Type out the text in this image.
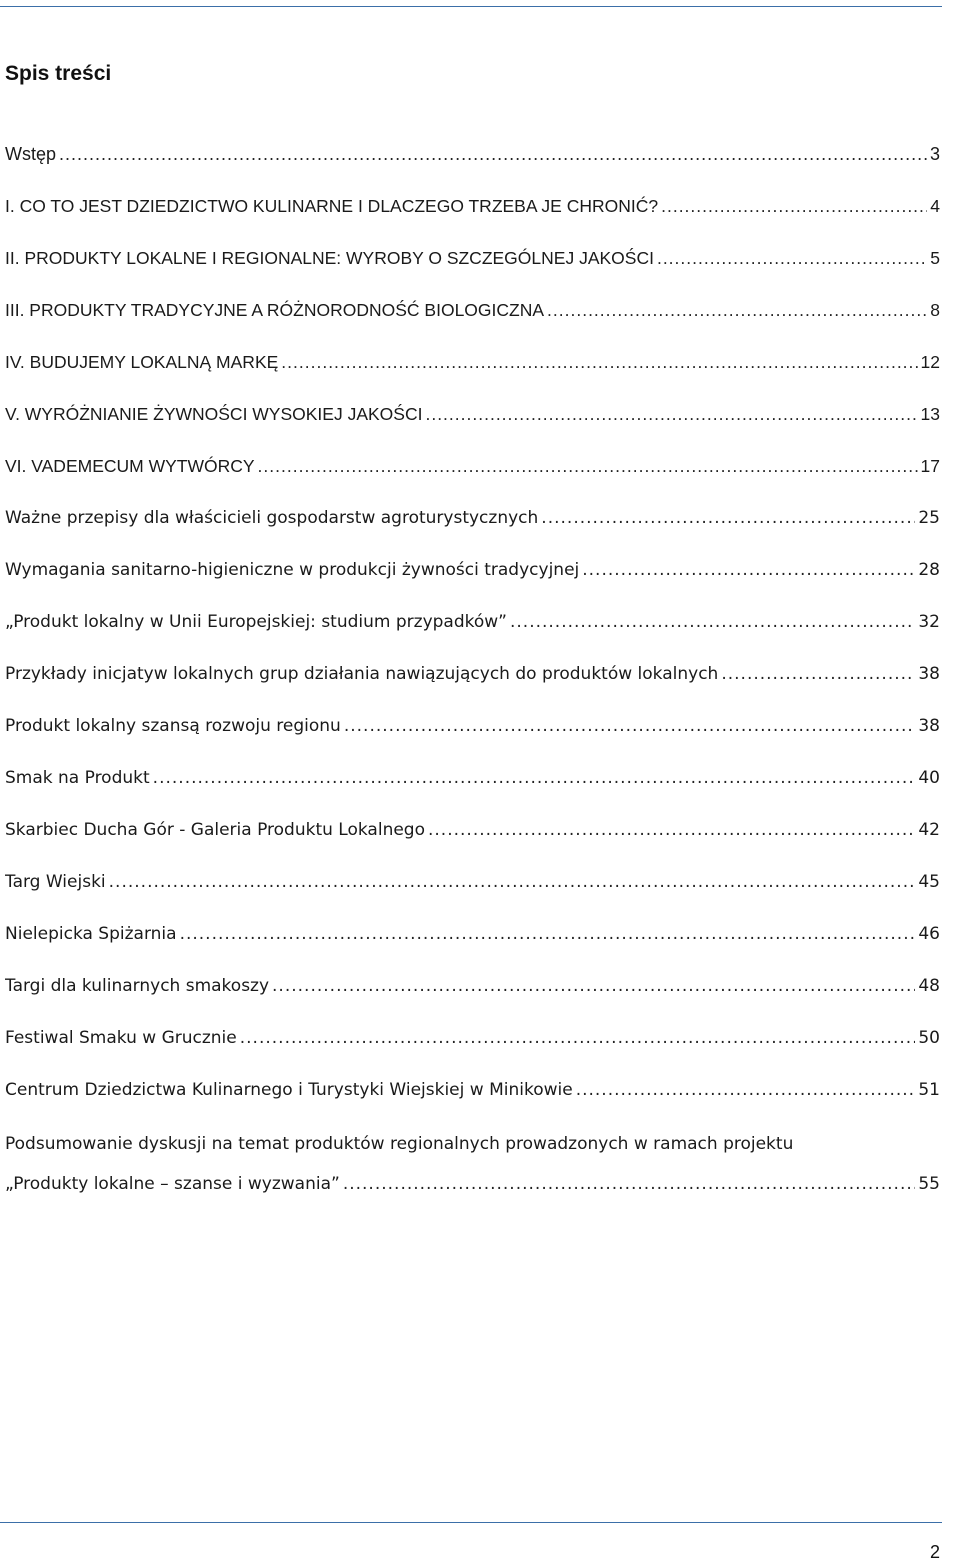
Spis treści
Wstęp .....	3
I. CO TO JEST DZIEDZICTWO KULINARNE I DLACZEGO TRZEBA JE CHRONIĆ? .....	4
II. PRODUKTY LOKALNE I REGIONALNE: WYROBY O SZCZEGÓLNEJ JAKOŚCI .....	5
III. PRODUKTY TRADYCYJNE A RÓŻNORODNOŚĆ BIOLOGICZNA .....	8
IV. BUDUJEMY LOKALNĄ MARKĘ .....	12
V. WYRÓŻNIANIE ŻYWNOŚCI WYSOKIEJ JAKOŚCI .....	13
VI. VADEMECUM WYTWÓRCY .....	17
Ważne przepisy dla właścicieli gospodarstw agroturystycznych .....	25
Wymagania sanitarno-higieniczne w produkcji żywności tradycyjnej .....	28
„Produkt lokalny w Unii Europejskiej: studium przypadków” .....	32
Przykłady inicjatyw lokalnych grup działania nawiązujących do produktów lokalnych .....	38
Produkt lokalny szansą rozwoju regionu .....	38
Smak na Produkt .....	40
Skarbiec Ducha Gór - Galeria Produktu Lokalnego .....	42
Targ Wiejski .....	45
Nielepicka Spiżarnia .....	46
Targi dla kulinarnych smakoszy .....	48
Festiwal Smaku w Grucznie .....	50
Centrum Dziedzictwa Kulinarnego i Turystyki Wiejskiej w Minikowie .....	51
Podsumowanie dyskusji na temat produktów regionalnych prowadzonych w ramach projektu
„Produkty lokalne – szanse i wyzwania” .....	55
2
